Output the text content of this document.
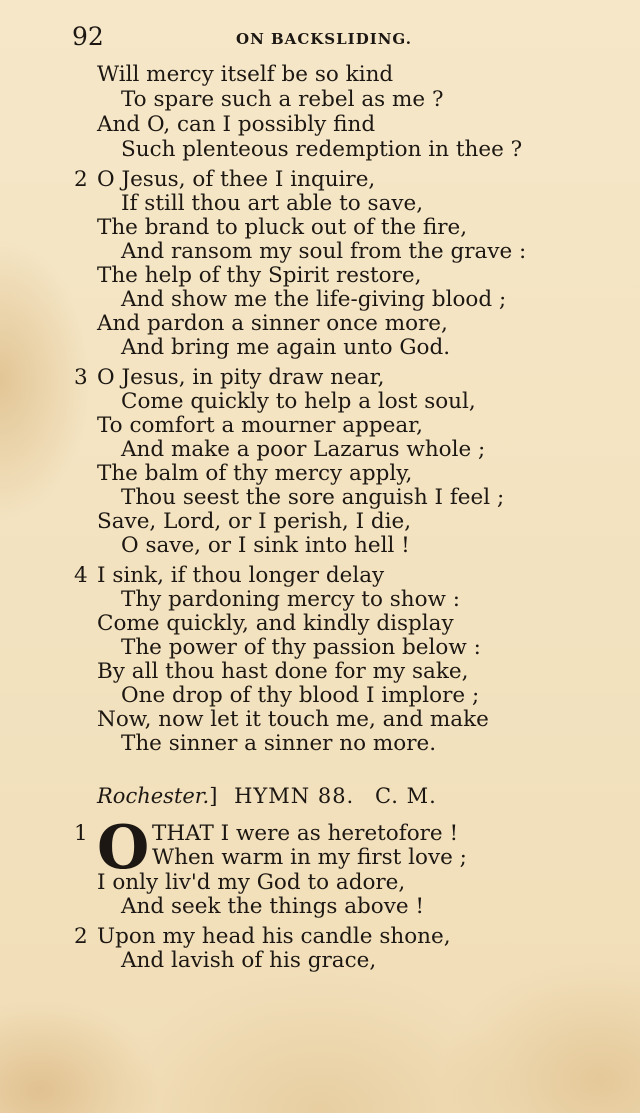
92	ON BACKSLIDING.
Will mercy itself be so kind
To spare such a rebel as me ?
And O, can I possibly find
Such plenteous redemption in thee ?
2 O Jesus, of thee I inquire,
If still thou art able to save,
The brand to pluck out of the fire,
And ransom my soul from the grave :
The help of thy Spirit restore,
And show me the life-giving blood ;
And pardon a sinner once more,
And bring me again unto God.
3 O Jesus, in pity draw near,
Come quickly to help a lost soul,
To comfort a mourner appear,
And make a poor Lazarus whole ;
The balm of thy mercy apply,
Thou seest the sore anguish I feel ;
Save, Lord, or I perish, I die,
O save, or I sink into hell !
4 I sink, if thou longer delay
Thy pardoning mercy to show :
Come quickly, and kindly display
The power of thy passion below :
By all thou hast done for my sake,
One drop of thy blood I implore ;
Now, now let it touch me, and make
The sinner a sinner no more.
Rochester.] HYMN 88. C. M.
1 O THAT I were as heretofore !
When warm in my first love ;
I only liv'd my God to adore,
And seek the things above !
2 Upon my head his candle shone,
And lavish of his grace,
